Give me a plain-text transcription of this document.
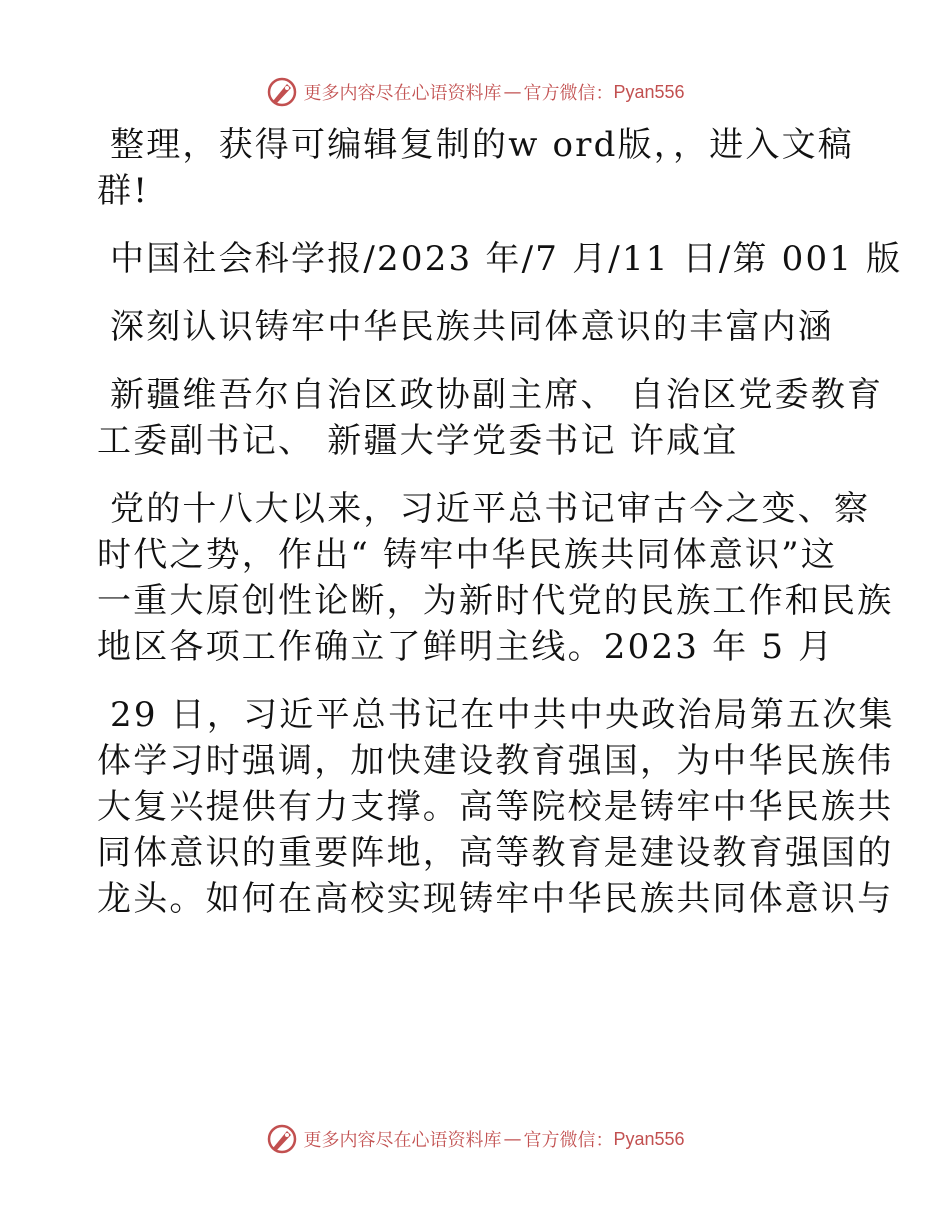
更多内容尽在心语资料库 — 官方微信： Pyan556
整理，获得可编辑复制的w ord版，，进入文稿
群!
中国社会科学报/2023 年/7 月/11 日/第 001 版
深刻认识铸牢中华民族共同体意识的丰富内涵
新疆维吾尔自治区政协副主席、 自治区党委教育
工委副书记、 新疆大学党委书记 许咸宜
党的十八大以来，习近平总书记审古今之变、察
时代之势，作出“ 铸牢中华民族共同体意识”这
一重大原创性论断，为新时代党的民族工作和民族
地区各项工作确立了鲜明主线。2023 年 5 月
29 日，习近平总书记在中共中央政治局第五次集
体学习时强调，加快建设教育强国，为中华民族伟
大复兴提供有力支撑。高等院校是铸牢中华民族共
同体意识的重要阵地，高等教育是建设教育强国的
龙头。如何在高校实现铸牢中华民族共同体意识与
更多内容尽在心语资料库 — 官方微信： Pyan556
